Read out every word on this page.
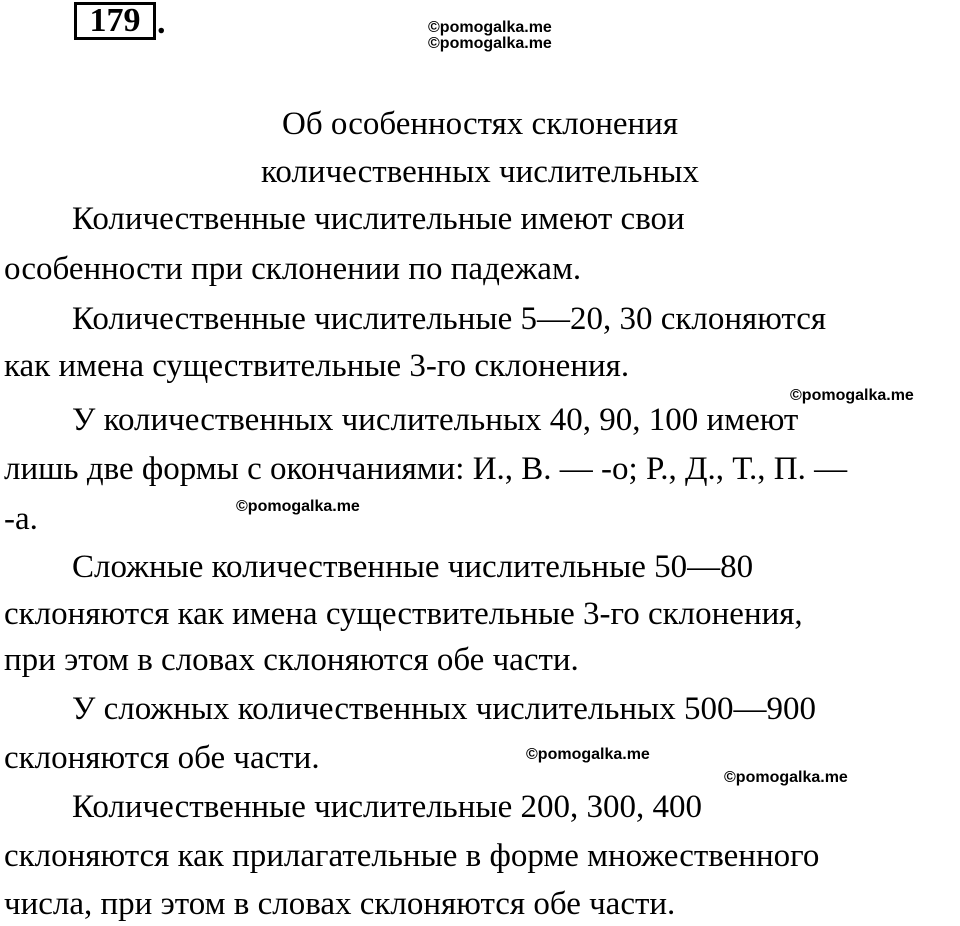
179 .	©pomogalka.me
©pomogalka.me
Об особенностях склонения
количественных числительных
Количественные числительные имеют свои
особенности при склонении по падежам.
Количественные числительные 5—20, 30 склоняются
как имена существительные 3-го склонения.
©pomogalka.me
У количественных числительных 40, 90, 100 имеют
лишь две формы с окончаниями: И., В. — -о; Р., Д., Т., П. —
-а.	©pomogalka.me
Сложные количественные числительные 50—80
склоняются как имена существительные 3-го склонения,
при этом в словах склоняются обе части.
У сложных количественных числительных 500—900
склоняются обе части.	©pomogalka.me
©pomogalka.me
Количественные числительные 200, 300, 400
склоняются как прилагательные в форме множественного
числа, при этом в словах склоняются обе части.
